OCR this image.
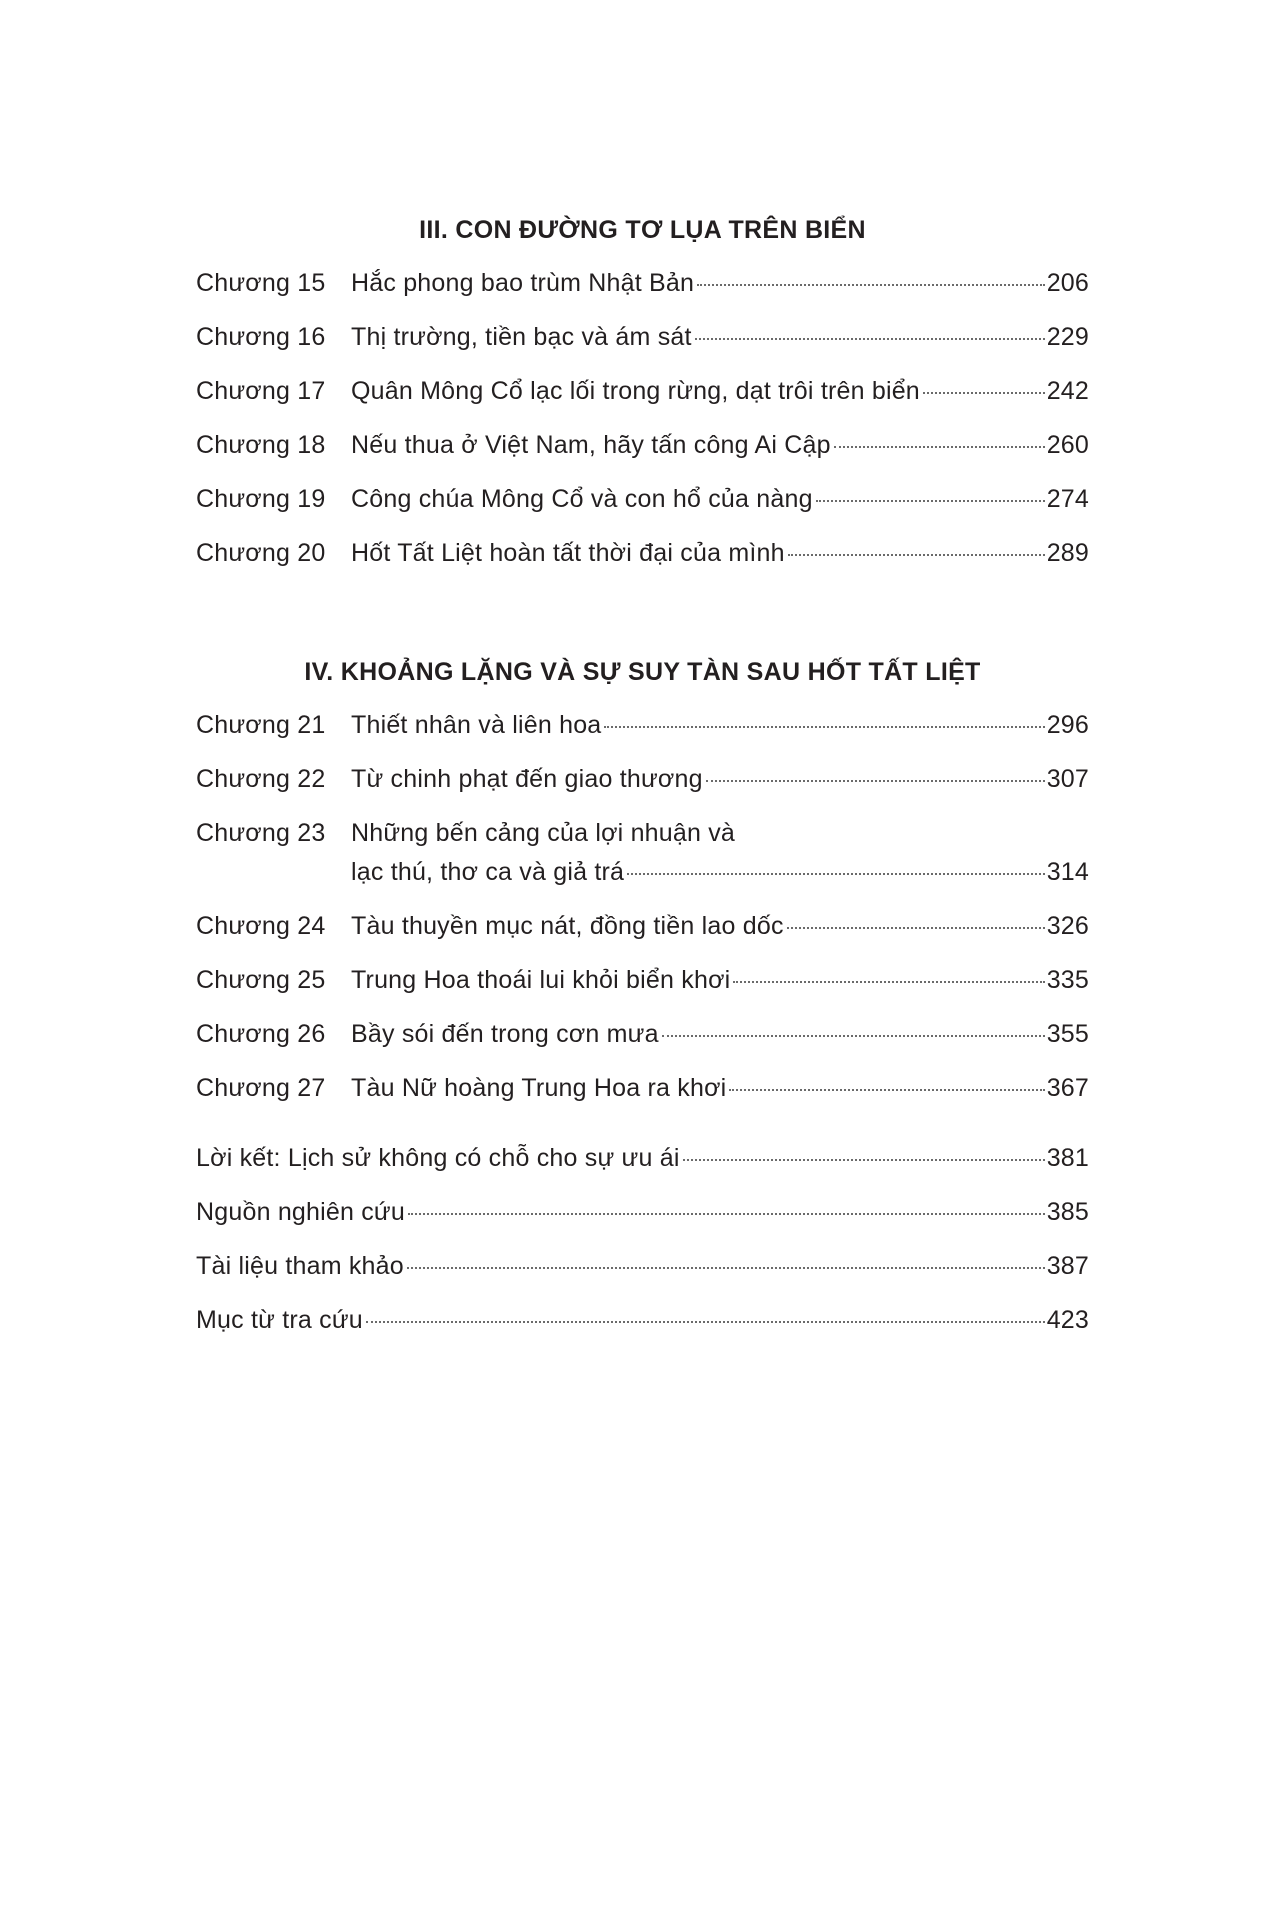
III. CON ĐƯỜNG TƠ LỤA TRÊN BIỂN
Chương 15 Hắc phong bao trùm Nhật Bản	206
Chương 16 Thị trường, tiền bạc và ám sát	229
Chương 17 Quân Mông Cổ lạc lối trong rừng, dạt trôi trên biển	242
Chương 18 Nếu thua ở Việt Nam, hãy tấn công Ai Cập	260
Chương 19 Công chúa Mông Cổ và con hổ của nàng	274
Chương 20 Hốt Tất Liệt hoàn tất thời đại của mình	289
IV. KHOẢNG LẶNG VÀ SỰ SUY TÀN SAU HỐT TẤT LIỆT
Chương 21 Thiết nhân và liên hoa	296
Chương 22 Từ chinh phạt đến giao thương	307
Chương 23 Những bến cảng của lợi nhuận và
lạc thú, thơ ca và giả trá	314
Chương 24 Tàu thuyền mục nát, đồng tiền lao dốc	326
Chương 25 Trung Hoa thoái lui khỏi biển khơi	335
Chương 26 Bầy sói đến trong cơn mưa	355
Chương 27 Tàu Nữ hoàng Trung Hoa ra khơi	367
Lời kết: Lịch sử không có chỗ cho sự ưu ái	381
Nguồn nghiên cứu	385
Tài liệu tham khảo	387
Mục từ tra cứu	423
